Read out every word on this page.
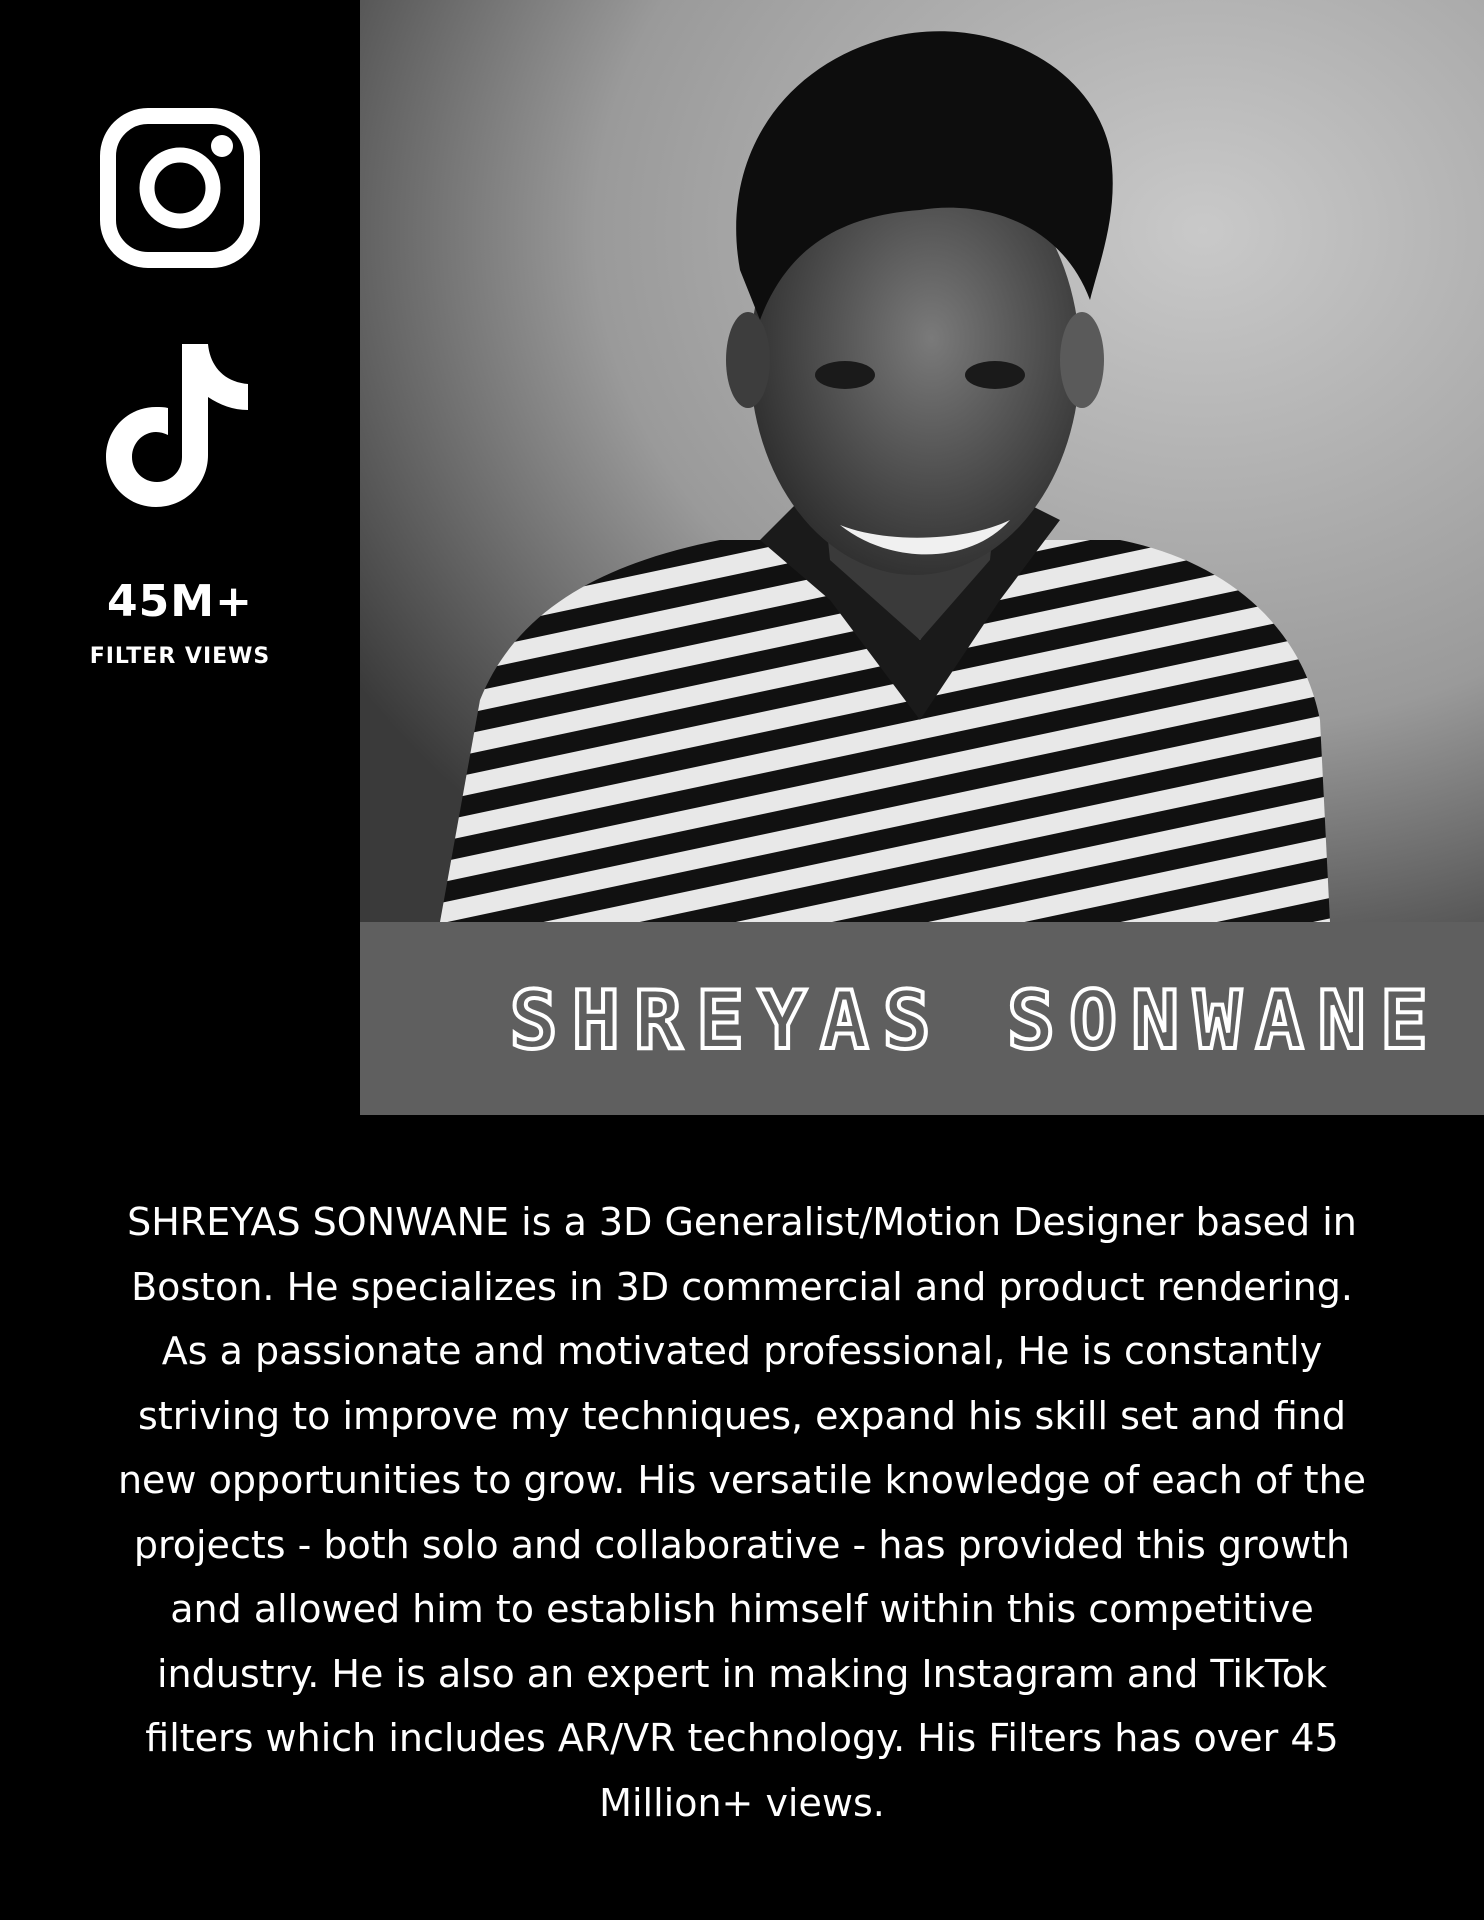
45M+
FILTER VIEWS
SHREYAS SONWANE
SHREYAS SONWANE is a 3D Generalist/Motion Designer based in Boston. He specializes in 3D commercial and product rendering. As a passionate and motivated professional, He is constantly striving to improve my techniques, expand his skill set and find new opportunities to grow. His versatile knowledge of each of the projects - both solo and collaborative - has provided this growth and allowed him to establish himself within this competitive industry. He is also an expert in making Instagram and TikTok filters which includes AR/VR technology. His Filters has over 45 Million+ views.
